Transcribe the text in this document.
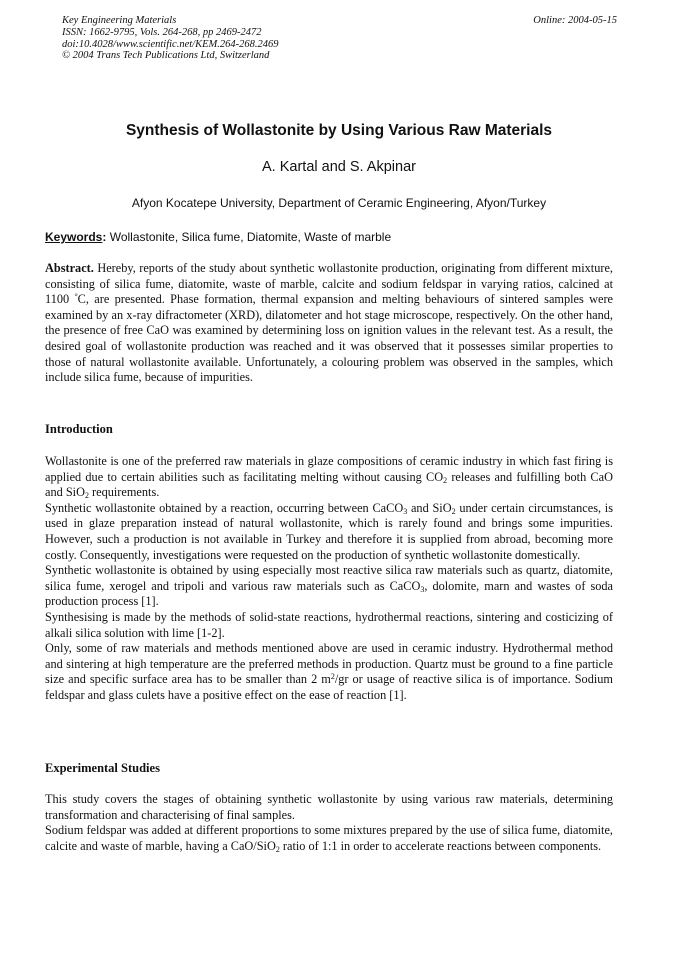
Key Engineering Materials
ISSN: 1662-9795, Vols. 264-268, pp 2469-2472
doi:10.4028/www.scientific.net/KEM.264-268.2469
© 2004 Trans Tech Publications Ltd, Switzerland
Online: 2004-05-15
Synthesis of Wollastonite by Using Various Raw Materials
A. Kartal and S. Akpinar
Afyon Kocatepe University, Department of Ceramic Engineering, Afyon/Turkey
Keywords: Wollastonite, Silica fume, Diatomite, Waste of marble

Abstract. Hereby, reports of the study about synthetic wollastonite production, originating from different mixture, consisting of silica fume, diatomite, waste of marble, calcite and sodium feldspar in varying ratios, calcined at 1100 °C, are presented. Phase formation, thermal expansion and melting behaviours of sintered samples were examined by an x-ray difractometer (XRD), dilatometer and hot stage microscope, respectively. On the other hand, the presence of free CaO was examined by determining loss on ignition values in the relevant test. As a result, the desired goal of wollastonite production was reached and it was observed that it possesses similar properties to those of natural wollastonite available. Unfortunately, a colouring problem was observed in the samples, which include silica fume, because of impurities.

Introduction

Wollastonite is one of the preferred raw materials in glaze compositions of ceramic industry in which fast firing is applied due to certain abilities such as facilitating melting without causing $CO_2$ releases and fulfilling both CaO and SiO$_2$ requirements.

Synthetic wollastonite obtained by a reaction, occurring between CaCO$_3$ and SiO$_2$ under certain circumstances, is used in glaze preparation instead of natural wollastonite, which is rarely found and brings some impurities. However, such a production is not available in Turkey and therefore it is supplied from abroad, becoming more costly. Consequently, investigations were requested on the production of synthetic wollastonite domestically.

Synthetic wollastonite is obtained by using especially most reactive silica raw materials such as quartz, diatomite, silica fume, xerogel and tripoli and various raw materials such as CaCO$_3$, dolomite, marn and wastes of soda production process [1].

Synthesising is made by the methods of solid-state reactions, hydrothermal reactions, sintering and costicizing of alkali silica solution with lime [1-2].

Only, some of raw materials and methods mentioned above are used in ceramic industry. Hydrothermal method and sintering at high temperature are the preferred methods in production. Quartz must be ground to a fine particle size and specific surface area has to be smaller than 2 $m^2/gr$ or usage of reactive silica is of importance. Sodium feldspar and glass culets have a positive effect on the ease of reaction [1].

Experimental Studies

This study covers the stages of obtaining synthetic wollastonite by using various raw materials, determining transformation and characterising of final samples.

Sodium feldspar was added at different proportions to some mixtures prepared by the use of silica fume, diatomite, calcite and waste of marble, having a CaO/SiO$_2$ ratio of 1:1 in order to accelerate reactions between components.
